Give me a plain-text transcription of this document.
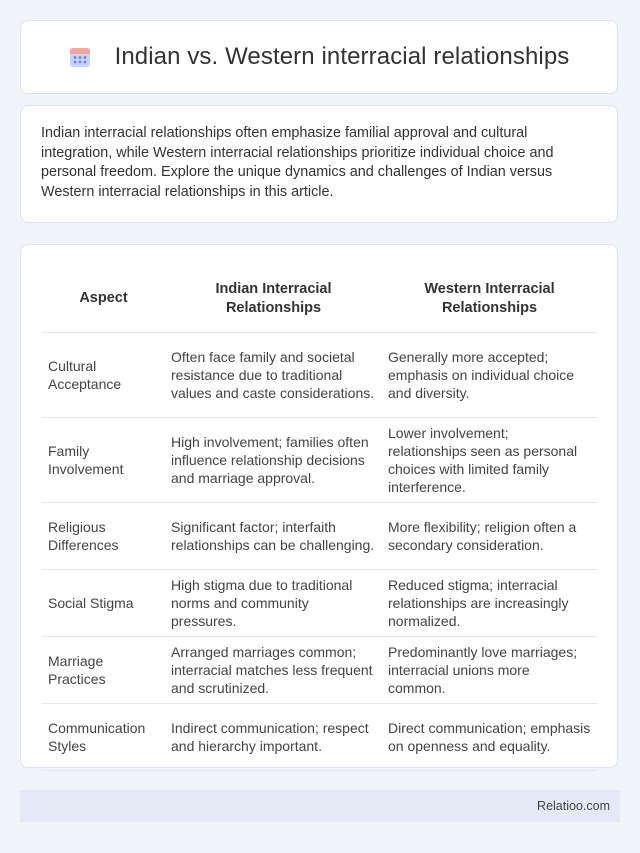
Indian vs. Western interracial relationships

Indian interracial relationships often emphasize familial approval and cultural integration, while Western interracial relationships prioritize individual choice and personal freedom. Explore the unique dynamics and challenges of Indian versus Western interracial relationships in this article.

Aspect	Indian Interracial Relationships	Western Interracial Relationships
Cultural Acceptance	Often face family and societal resistance due to traditional values and caste considerations.	Generally more accepted; emphasis on individual choice and diversity.
Family Involvement	High involvement; families often influence relationship decisions and marriage approval.	Lower involvement; relationships seen as personal choices with limited family interference.
Religious Differences	Significant factor; interfaith relationships can be challenging.	More flexibility; religion often a secondary consideration.
Social Stigma	High stigma due to traditional norms and community pressures.	Reduced stigma; interracial relationships are increasingly normalized.
Marriage Practices	Arranged marriages common; interracial matches less frequent and scrutinized.	Predominantly love marriages; interracial unions more common.
Communication Styles	Indirect communication; respect and hierarchy important.	Direct communication; emphasis on openness and equality.
Relatioo.com
